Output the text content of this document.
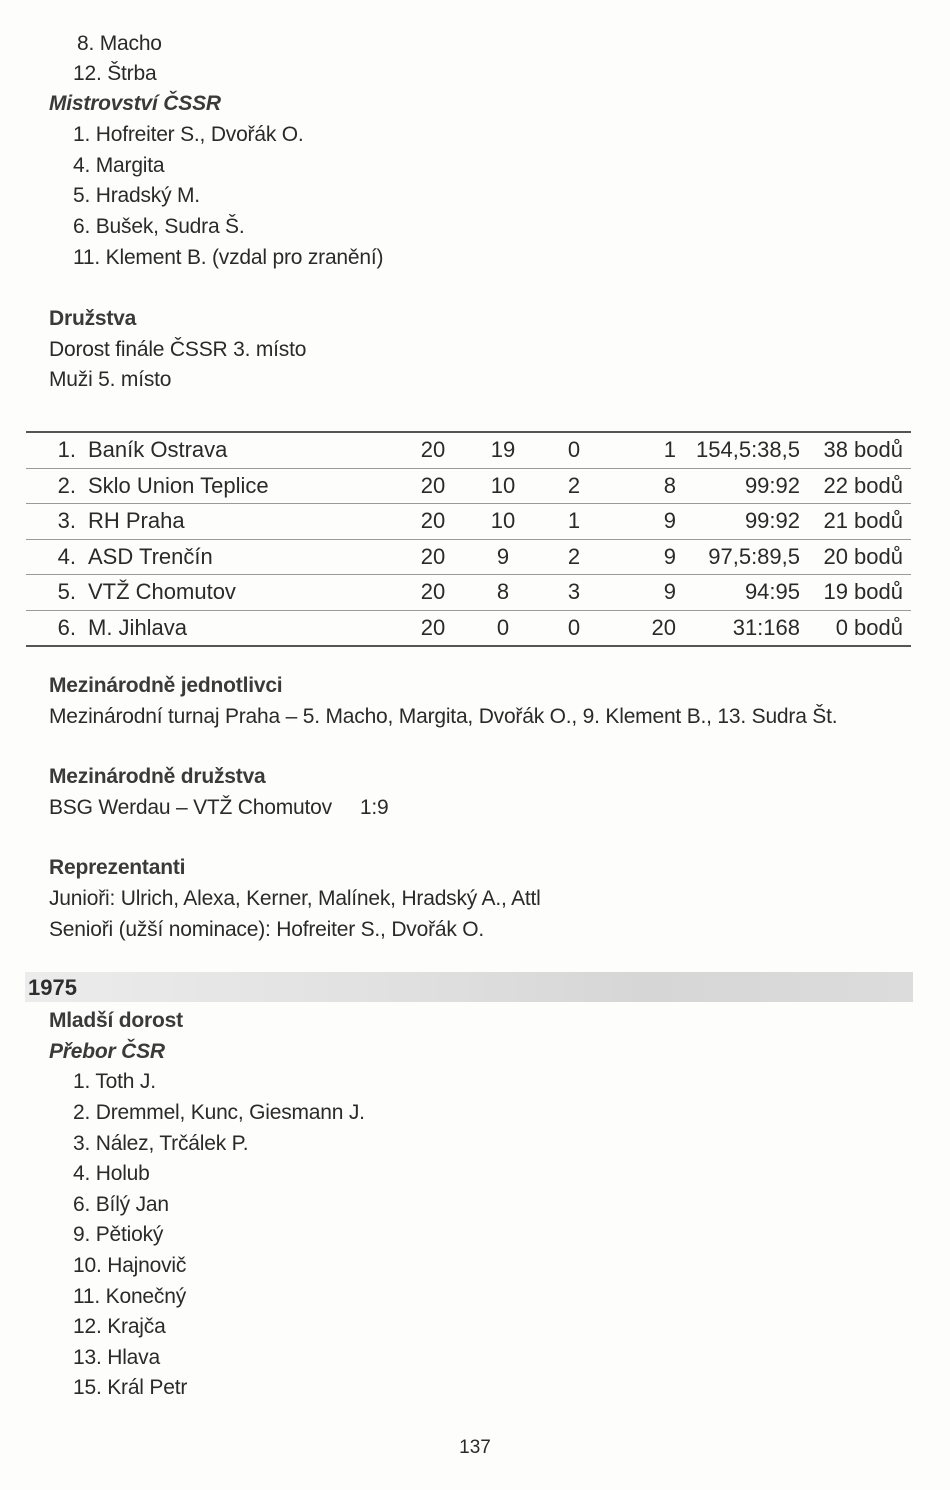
8. Macho
12. Štrba
Mistrovství ČSSR
1. Hofreiter S., Dvořák O.
4. Margita
5. Hradský M.
6. Bušek, Sudra Š.
11. Klement B. (vzdal pro zranění)
Družstva
Dorost finále ČSSR 3. místo
Muži 5. místo
1.	Baník Ostrava	20	19	0	1	154,5:38,5	38 bodů
2.	Sklo Union Teplice	20	10	2	8	99:92	22 bodů
3.	RH Praha	20	10	1	9	99:92	21 bodů
4.	ASD Trenčín	20	9	2	9	97,5:89,5	20 bodů
5.	VTŽ Chomutov	20	8	3	9	94:95	19 bodů
6.	M. Jihlava	20	0	0	20	31:168	0 bodů
Mezinárodně jednotlivci
Mezinárodní turnaj Praha – 5. Macho, Margita, Dvořák O., 9. Klement B., 13. Sudra Št.
Mezinárodně družstva
BSG Werdau – VTŽ Chomutov 1:9
Reprezentanti
Junioři: Ulrich, Alexa, Kerner, Malínek, Hradský A., Attl
Senioři (užší nominace): Hofreiter S., Dvořák O.
1975
Mladší dorost
Přebor ČSR
1. Toth J.
2. Dremmel, Kunc, Giesmann J.
3. Nález, Trčálek P.
4. Holub
6. Bílý Jan
9. Pětioký
10. Hajnovič
11. Konečný
12. Krajča
13. Hlava
15. Král Petr
137
